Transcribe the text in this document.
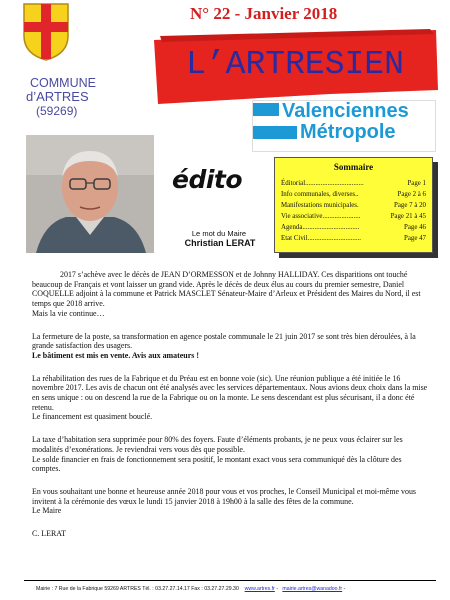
COMMUNE
d’ARTRES
(59269)
N° 22 - Janvier 2018
L’ARTRESIEN
Valenciennes
Métropole
édito
Le mot du Maire
Christian LERAT
Sommaire
Éditorial ..................................	Page 1
Info communales, diverses ..	Page 2 à 6
Manifestations municipales .	Page 7 à 20
Vie associative ......................	Page 21 à 45
Agenda .................................	Page 46
Etat Civil ...............................	Page 47

2017 s’achève avec le décès de JEAN D’ORMESSON et de Johnny HALLIDAY. Ces disparitions ont touché beaucoup de Français et vont laisser un grand vide. Après le décès de deux élus au cours du premier semestre, Daniel COQUELLE adjoint à la commune et Patrick MASCLET Sénateur-Maire d’Arleux et Président des Maires du Nord, il est temps que 2018 arrive.

Mais la vie continue…

La fermeture de la poste, sa transformation en agence postale communale le 21 juin 2017 se sont très bien déroulées, à la grande satisfaction des usagers.

Le bâtiment est mis en vente. Avis aux amateurs !

La réhabilitation des rues de la Fabrique et du Préau est en bonne voie (sic). Une réunion publique a été initiée le 16 novembre 2017. Les avis de chacun ont été analysés avec les services départementaux. Nous avions deux choix dans la mise en sens unique : ou on descend la rue de la Fabrique ou on la monte. Le sens descendant est plus sécurisant, il a donc été retenu.

Le financement est quasiment bouclé.

La taxe d’habitation sera supprimée pour 80% des foyers. Faute d’éléments probants, je ne peux vous éclairer sur les modalités d’exonérations. Je reviendrai vers vous dès que possible.

Le solde financier en frais de fonctionnement sera positif, le montant exact vous sera communiqué dès la clôture des comptes.

En vous souhaitant une bonne et heureuse année 2018 pour vous et vos proches, le Conseil Municipal et moi-même vous invitent à la cérémonie des vœux le lundi 15 janvier 2018 à 19h00 à la salle des fêtes de la commune.

Le Maire

C. LERAT

Mairie : 7 Rue de la Fabrique 59269 ARTRES Tél. : 03.27.27.14.17 Fax : 03.27.27.29.30 www.artres.fr - mairie.artres@wanadoo.fr -
